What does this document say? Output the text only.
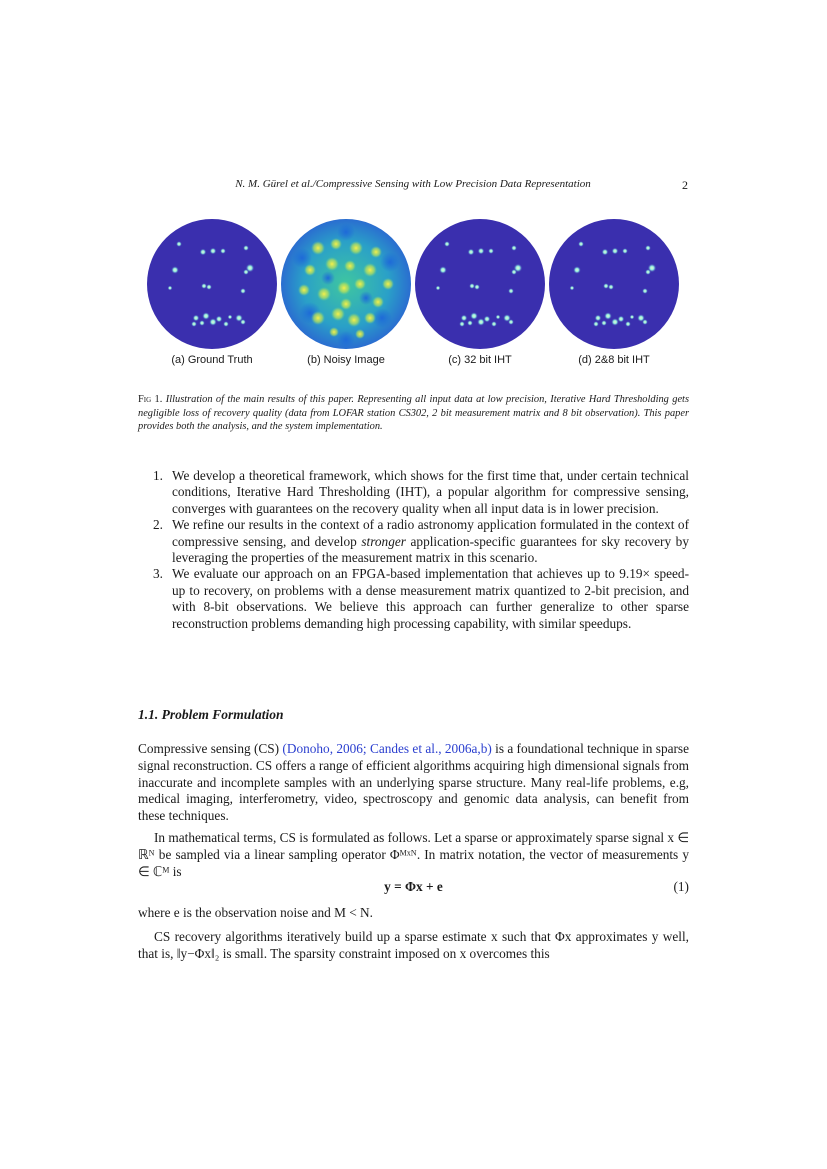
N. M. Gürel et al./Compressive Sensing with Low Precision Data Representation	2
(a) Ground Truth	(b) Noisy Image	(c) 32 bit IHT	(d) 2&8 bit IHT
Fig 1. Illustration of the main results of this paper. Representing all input data at low precision, Iterative Hard Thresholding gets negligible loss of recovery quality (data from LOFAR station CS302, 2 bit measurement matrix and 8 bit observation). This paper provides both the analysis, and the system implementation.
1. We develop a theoretical framework, which shows for the first time that, under certain technical conditions, Iterative Hard Thresholding (IHT), a popular algorithm for compressive sensing, converges with guarantees on the recovery quality when all input data is in lower precision.
2. We refine our results in the context of a radio astronomy application formulated in the context of compressive sensing, and develop stronger application-specific guarantees for sky recovery by leveraging the properties of the measurement matrix in this scenario.
3. We evaluate our approach on an FPGA-based implementation that achieves up to 9.19× speed-up to recovery, on problems with a dense measurement matrix quantized to 2-bit precision, and with 8-bit observations. We believe this approach can further generalize to other sparse reconstruction problems demanding high processing capability, with similar speedups.
1.1. Problem Formulation

Compressive sensing (CS) (Donoho, 2006; Candes et al., 2006a,b) is a foundational technique in sparse signal reconstruction. CS offers a range of efficient algorithms acquiring high dimensional signals from inaccurate and incomplete samples with an underlying sparse structure. Many real-life problems, e.g, medical imaging, interferometry, video, spectroscopy and genomic data analysis, can benefit from these techniques.

In mathematical terms, CS is formulated as follows. Let a sparse or approximately sparse signal x ∈ ℝᴺ be sampled via a linear sampling operator Φᴹˣᴺ. In matrix notation, the vector of measurements y ∈ ℂᴹ is

y = Φx + e	(1)

where e is the observation noise and M < N.

CS recovery algorithms iteratively build up a sparse estimate x such that Φx approximates y well, that is, ‖y−Φx‖₂ is small. The sparsity constraint imposed on x overcomes this
